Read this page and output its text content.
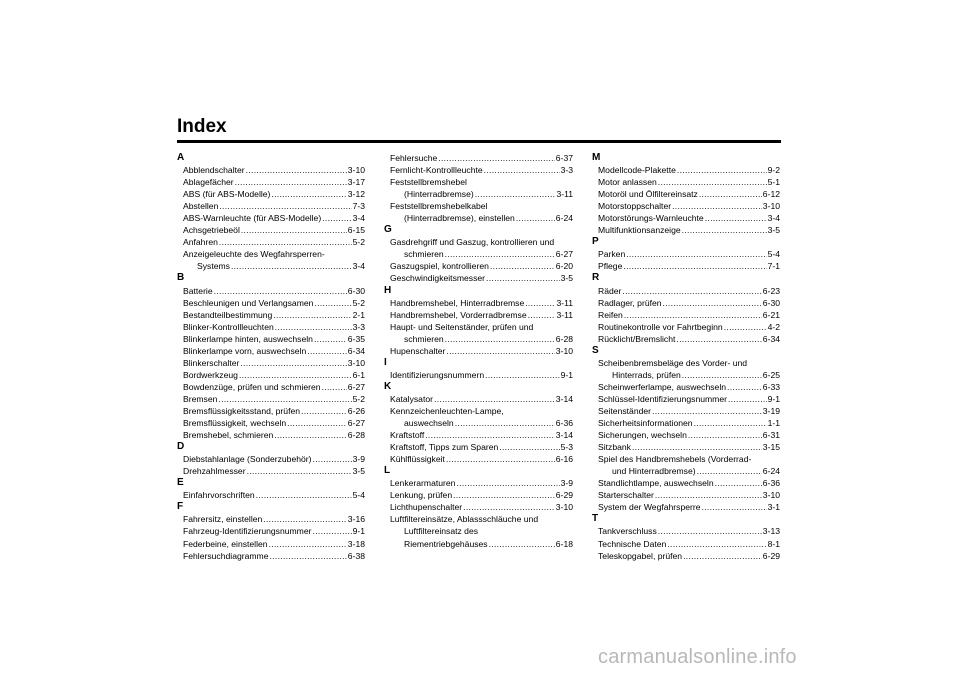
Index
A
Abblendschalter .....	3-10
Ablagefächer .....	3-17
ABS (für ABS-Modelle) .....	3-12
Abstellen .....	7-3
ABS-Warnleuchte (für ABS-Modelle) .....	3-4
Achsgetriebeöl .....	6-15
Anfahren .....	5-2
Anzeigeleuchte des Wegfahrsperren-
Systems .....	3-4
B
Batterie .....	6-30
Beschleunigen und Verlangsamen .....	5-2
Bestandteilbestimmung .....	2-1
Blinker-Kontrollleuchten .....	3-3
Blinkerlampe hinten, auswechseln .....	6-35
Blinkerlampe vorn, auswechseln .....	6-34
Blinkerschalter .....	3-10
Bordwerkzeug .....	6-1
Bowdenzüge, prüfen und schmieren .....	6-27
Bremsen .....	5-2
Bremsflüssigkeitsstand, prüfen .....	6-26
Bremsflüssigkeit, wechseln .....	6-27
Bremshebel, schmieren .....	6-28
D
Diebstahlanlage (Sonderzubehör) .....	3-9
Drehzahlmesser .....	3-5
E
Einfahrvorschriften .....	5-4
F
Fahrersitz, einstellen .....	3-16
Fahrzeug-Identifizierungsnummer .....	9-1
Federbeine, einstellen .....	3-18
Fehlersuchdiagramme .....	6-38
Fehlersuche .....	6-37
Fernlicht-Kontrollleuchte .....	3-3
Feststellbremshebel
(Hinterradbremse) .....	3-11
Feststellbremshebelkabel
(Hinterradbremse), einstellen .....	6-24
G
Gasdrehgriff und Gaszug, kontrollieren und
schmieren .....	6-27
Gaszugspiel, kontrollieren .....	6-20
Geschwindigkeitsmesser .....	3-5
H
Handbremshebel, Hinterradbremse .....	3-11
Handbremshebel, Vorderradbremse .....	3-11
Haupt- und Seitenständer, prüfen und
schmieren .....	6-28
Hupenschalter .....	3-10
I
Identifizierungsnummern .....	9-1
K
Katalysator .....	3-14
Kennzeichenleuchten-Lampe,
auswechseln .....	6-36
Kraftstoff .....	3-14
Kraftstoff, Tipps zum Sparen .....	5-3
Kühlflüssigkeit .....	6-16
L
Lenkerarmaturen .....	3-9
Lenkung, prüfen .....	6-29
Lichthupenschalter .....	3-10
Luftfiltereinsätze, Ablassschläuche und
Luftfiltereinsatz des
Riementriebgehäuses .....	6-18
M
Modellcode-Plakette .....	9-2
Motor anlassen .....	5-1
Motoröl und Ölfiltereinsatz .....	6-12
Motorstoppschalter .....	3-10
Motorstörungs-Warnleuchte .....	3-4
Multifunktionsanzeige .....	3-5
P
Parken .....	5-4
Pflege .....	7-1
R
Räder .....	6-23
Radlager, prüfen .....	6-30
Reifen .....	6-21
Routinekontrolle vor Fahrtbeginn .....	4-2
Rücklicht/Bremslicht .....	6-34
S
Scheibenbremsbeläge des Vorder- und
Hinterrads, prüfen .....	6-25
Scheinwerferlampe, auswechseln .....	6-33
Schlüssel-Identifizierungsnummer .....	9-1
Seitenständer .....	3-19
Sicherheitsinformationen .....	1-1
Sicherungen, wechseln .....	6-31
Sitzbank .....	3-15
Spiel des Handbremshebels (Vorderrad-
und Hinterradbremse) .....	6-24
Standlichtlampe, auswechseln .....	6-36
Starterschalter .....	3-10
System der Wegfahrsperre .....	3-1
T
Tankverschluss .....	3-13
Technische Daten .....	8-1
Teleskopgabel, prüfen .....	6-29
carmanualsonline.info
